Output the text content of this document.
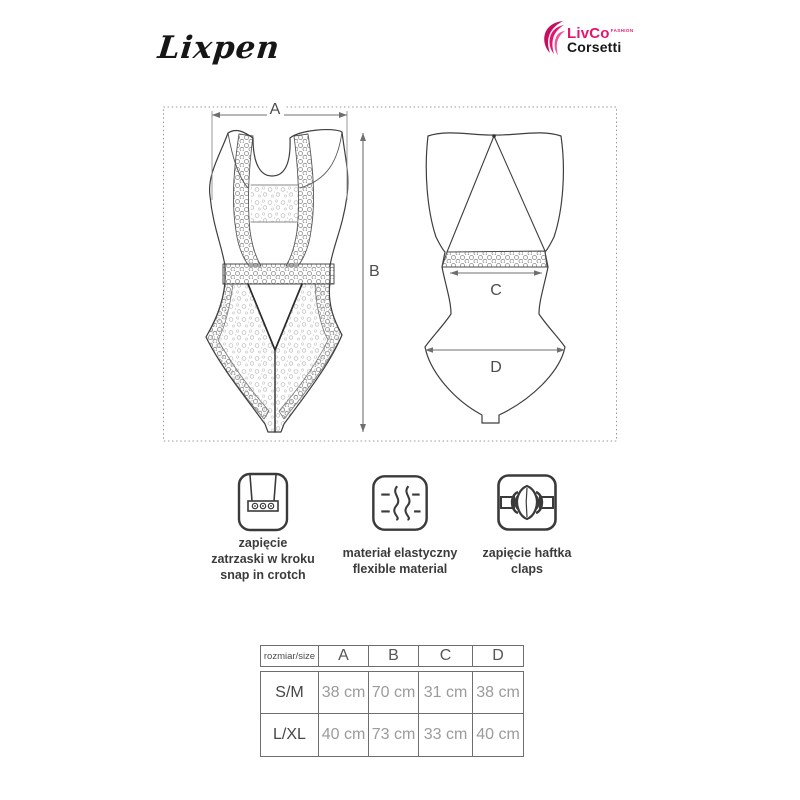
Lixpen	LivCo FASHION
Corsetti
A
B
C
D
zapięcie
zatrzaski w kroku
snap in crotch
materiał elastyczny
flexible material
zapięcie haftka
claps
rozmiar/size	A	B	C	D
S/M	38 cm 70 cm 31 cm 38 cm
L/XL 40 cm 73 cm 33 cm 40 cm
